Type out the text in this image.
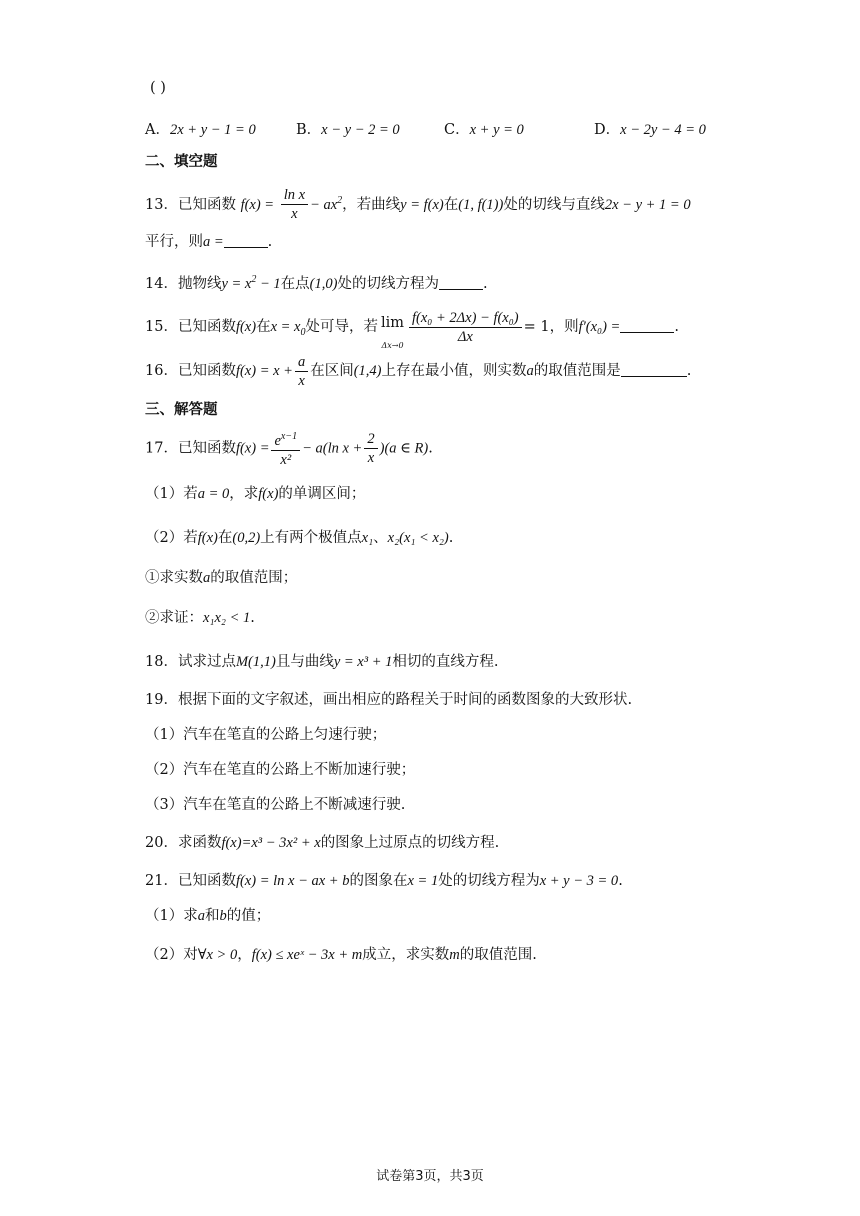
( )
A．2x + y − 1 = 0	B．x − y − 2 = 0	C．x + y = 0	D．x − 2y − 4 = 0
二、填空题
13．已知函数 $f(x) = \frac{\text{ln x}}{x} - ax^2$，若曲线y = f(x)在(1, f(1))处的切线与直线2x − y + 1 = 0
平行，则a =	.
14．抛物线$y = x^2 - 1$在点(1,0)处的切线方程为	.
15．已知函数f(x)在$x = x_0$处可导，若 lim
$\Delta x\to 0 \frac{\text{f(x₀ + 2Δx) − f(x₀)}}{\Delta x} = 1$，则f′(x₀) =	.
16．已知函数$f(x) = x + \frac{a}{x}$ 在区间(1,4)上存在最小值，则实数a的取值范围是	.
三、解答题
17．已知函数$f(x) = \frac{e^{x-1}}{\text{x²}} - a(\ln$ $x + \frac{2}{x} )(a$ ∈ R).
（1）若a = 0，求f(x)的单调区间；
（2）若f(x)在(0,2)上有两个极值点x₁、x₂(x₁ < x₂).
①求实数a的取值范围；
②求证：x₁x₂ < 1.
18．试求过点M(1,1)且与曲线y = x³ + 1相切的直线方程.
19．根据下面的文字叙述，画出相应的路程关于时间的函数图象的大致形状.
（1）汽车在笔直的公路上匀速行驶；
（2）汽车在笔直的公路上不断加速行驶；
（3）汽车在笔直的公路上不断减速行驶.
20．求函数f(x)=x³ − 3x² + x的图象上过原点的切线方程.
21．已知函数f(x) = ln x − ax + b的图象在x = 1处的切线方程为x + y − 3 = 0.
（1）求a和b的值；
（2）对∀x > 0，f(x) ≤ xeˣ − 3x + m成立，求实数m的取值范围.
试卷第3页，共3页
